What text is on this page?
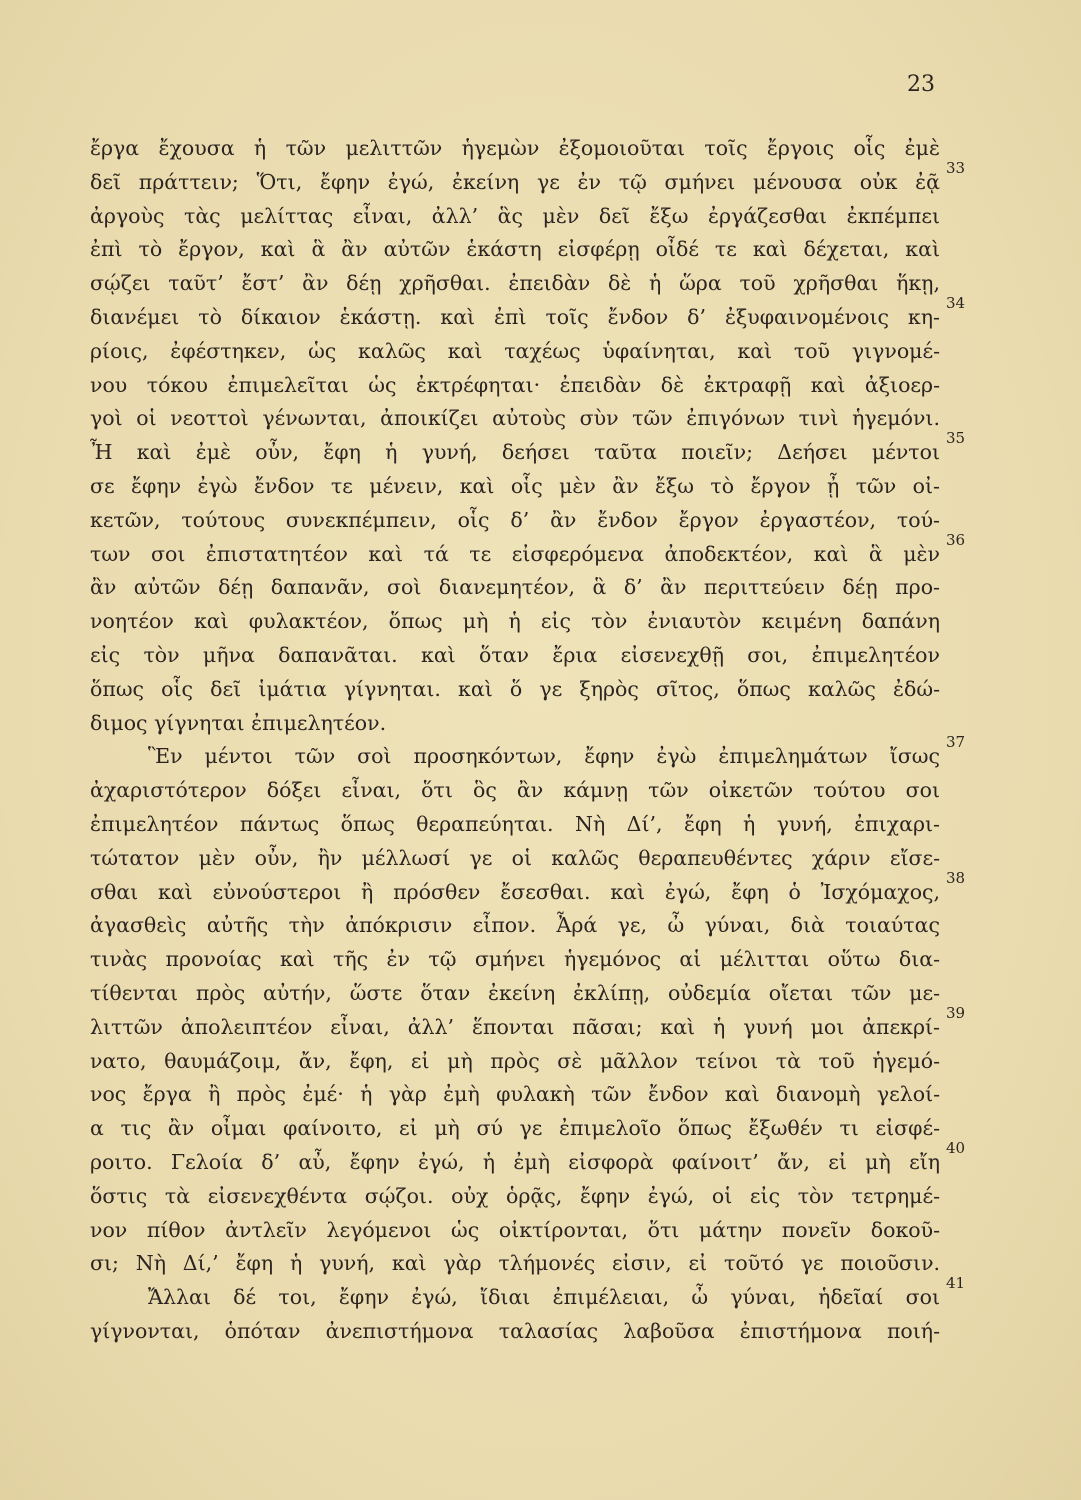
23
ἔργα ἔχουσα ἡ τῶν μελιττῶν ἡγεμὼν ἐξομοιοῦται τοῖς ἔργοις οἷς ἐμὲ
δεῖ πράττειν; Ὅτι, ἔφην ἐγώ, ἐκείνη γε ἐν τῷ σμήνει μένουσα οὐκ ἐᾷ
33
ἀργοὺς τὰς μελίττας εἶναι, ἀλλ’ ἃς μὲν δεῖ ἔξω ἐργάζεσθαι ἐκπέμπει
ἐπὶ τὸ ἔργον, καὶ ἃ ἂν αὐτῶν ἑκάστη εἰσφέρῃ οἶδέ τε καὶ δέχεται, καὶ
σῴζει ταῦτ’ ἔστ’ ἂν δέῃ χρῆσθαι. ἐπειδὰν δὲ ἡ ὥρα τοῦ χρῆσθαι ἥκῃ,
διανέμει τὸ δίκαιον ἑκάστῃ. καὶ ἐπὶ τοῖς ἔνδον δ’ ἐξυφαινομένοις κη-
34
ρίοις, ἐφέστηκεν, ὡς καλῶς καὶ ταχέως ὑφαίνηται, καὶ τοῦ γιγνομέ-
νου τόκου ἐπιμελεῖται ὡς ἐκτρέφηται· ἐπειδὰν δὲ ἐκτραφῇ καὶ ἀξιοερ-
γοὶ οἱ νεοττοὶ γένωνται, ἀποικίζει αὐτοὺς σὺν τῶν ἐπιγόνων τινὶ ἡγεμόνι.
Ἦ καὶ ἐμὲ οὖν, ἔφη ἡ γυνή, δεήσει ταῦτα ποιεῖν; Δεήσει μέντοι
35
σε ἔφην ἐγὼ ἔνδον τε μένειν, καὶ οἷς μὲν ἂν ἔξω τὸ ἔργον ᾖ τῶν οἰ-
κετῶν, τούτους συνεκπέμπειν, οἷς δ’ ἂν ἔνδον ἔργον ἐργαστέον, τού-
των σοι ἐπιστατητέον καὶ τά τε εἰσφερόμενα ἀποδεκτέον, καὶ ἃ μὲν
36
ἂν αὐτῶν δέῃ δαπανᾶν, σοὶ διανεμητέον, ἃ δ’ ἂν περιττεύειν δέῃ προ-
νοητέον καὶ φυλακτέον, ὅπως μὴ ἡ εἰς τὸν ἐνιαυτὸν κειμένη δαπάνη
εἰς τὸν μῆνα δαπανᾶται. καὶ ὅταν ἔρια εἰσενεχθῇ σοι, ἐπιμελητέον
ὅπως οἷς δεῖ ἱμάτια γίγνηται. καὶ ὅ γε ξηρὸς σῖτος, ὅπως καλῶς ἐδώ-
διμος γίγνηται ἐπιμελητέον.
Ἓν μέντοι τῶν σοὶ προσηκόντων, ἔφην ἐγὼ ἐπιμελημάτων ἴσως
37
ἀχαριστότερον δόξει εἶναι, ὅτι ὃς ἂν κάμνῃ τῶν οἰκετῶν τούτου σοι
ἐπιμελητέον πάντως ὅπως θεραπεύηται. Νὴ Δί’, ἔφη ἡ γυνή, ἐπιχαρι-
τώτατον μὲν οὖν, ἢν μέλλωσί γε οἱ καλῶς θεραπευθέντες χάριν εἴσε-
σθαι καὶ εὐνούστεροι ἢ πρόσθεν ἔσεσθαι. καὶ ἐγώ, ἔφη ὁ Ἰσχόμαχος,
38
ἀγασθεὶς αὐτῆς τὴν ἀπόκρισιν εἶπον. Ἆρά γε, ὦ γύναι, διὰ τοιαύτας
τινὰς προνοίας καὶ τῆς ἐν τῷ σμήνει ἡγεμόνος αἱ μέλιτται οὕτω δια-
τίθενται πρὸς αὐτήν, ὥστε ὅταν ἐκείνη ἐκλίπῃ, οὐδεμία οἴεται τῶν με-
λιττῶν ἀπολειπτέον εἶναι, ἀλλ’ ἕπονται πᾶσαι; καὶ ἡ γυνή μοι ἀπεκρί-
39
νατο, θαυμάζοιμ, ἄν, ἔφη, εἰ μὴ πρὸς σὲ μᾶλλον τείνοι τὰ τοῦ ἡγεμό-
νος ἔργα ἢ πρὸς ἐμέ· ἡ γὰρ ἐμὴ φυλακὴ τῶν ἔνδον καὶ διανομὴ γελοί-
α τις ἂν οἶμαι φαίνοιτο, εἰ μὴ σύ γε ἐπιμελοῖο ὅπως ἔξωθέν τι εἰσφέ-
ροιτο. Γελοία δ’ αὖ, ἔφην ἐγώ, ἡ ἐμὴ εἰσφορὰ φαίνοιτ’ ἄν, εἰ μὴ εἴη
40
ὅστις τὰ εἰσενεχθέντα σῴζοι. οὐχ ὁρᾷς, ἔφην ἐγώ, οἱ εἰς τὸν τετρημέ-
νον πίθον ἀντλεῖν λεγόμενοι ὡς οἰκτίρονται, ὅτι μάτην πονεῖν δοκοῦ-
σι; Νὴ Δί,’ ἔφη ἡ γυνή, καὶ γὰρ τλήμονές εἰσιν, εἰ τοῦτό γε ποιοῦσιν.
Ἄλλαι δέ τοι, ἔφην ἐγώ, ἴδιαι ἐπιμέλειαι, ὦ γύναι, ἡδεῖαί σοι
41
γίγνονται, ὁπόταν ἀνεπιστήμονα ταλασίας λαβοῦσα ἐπιστήμονα ποιή-
